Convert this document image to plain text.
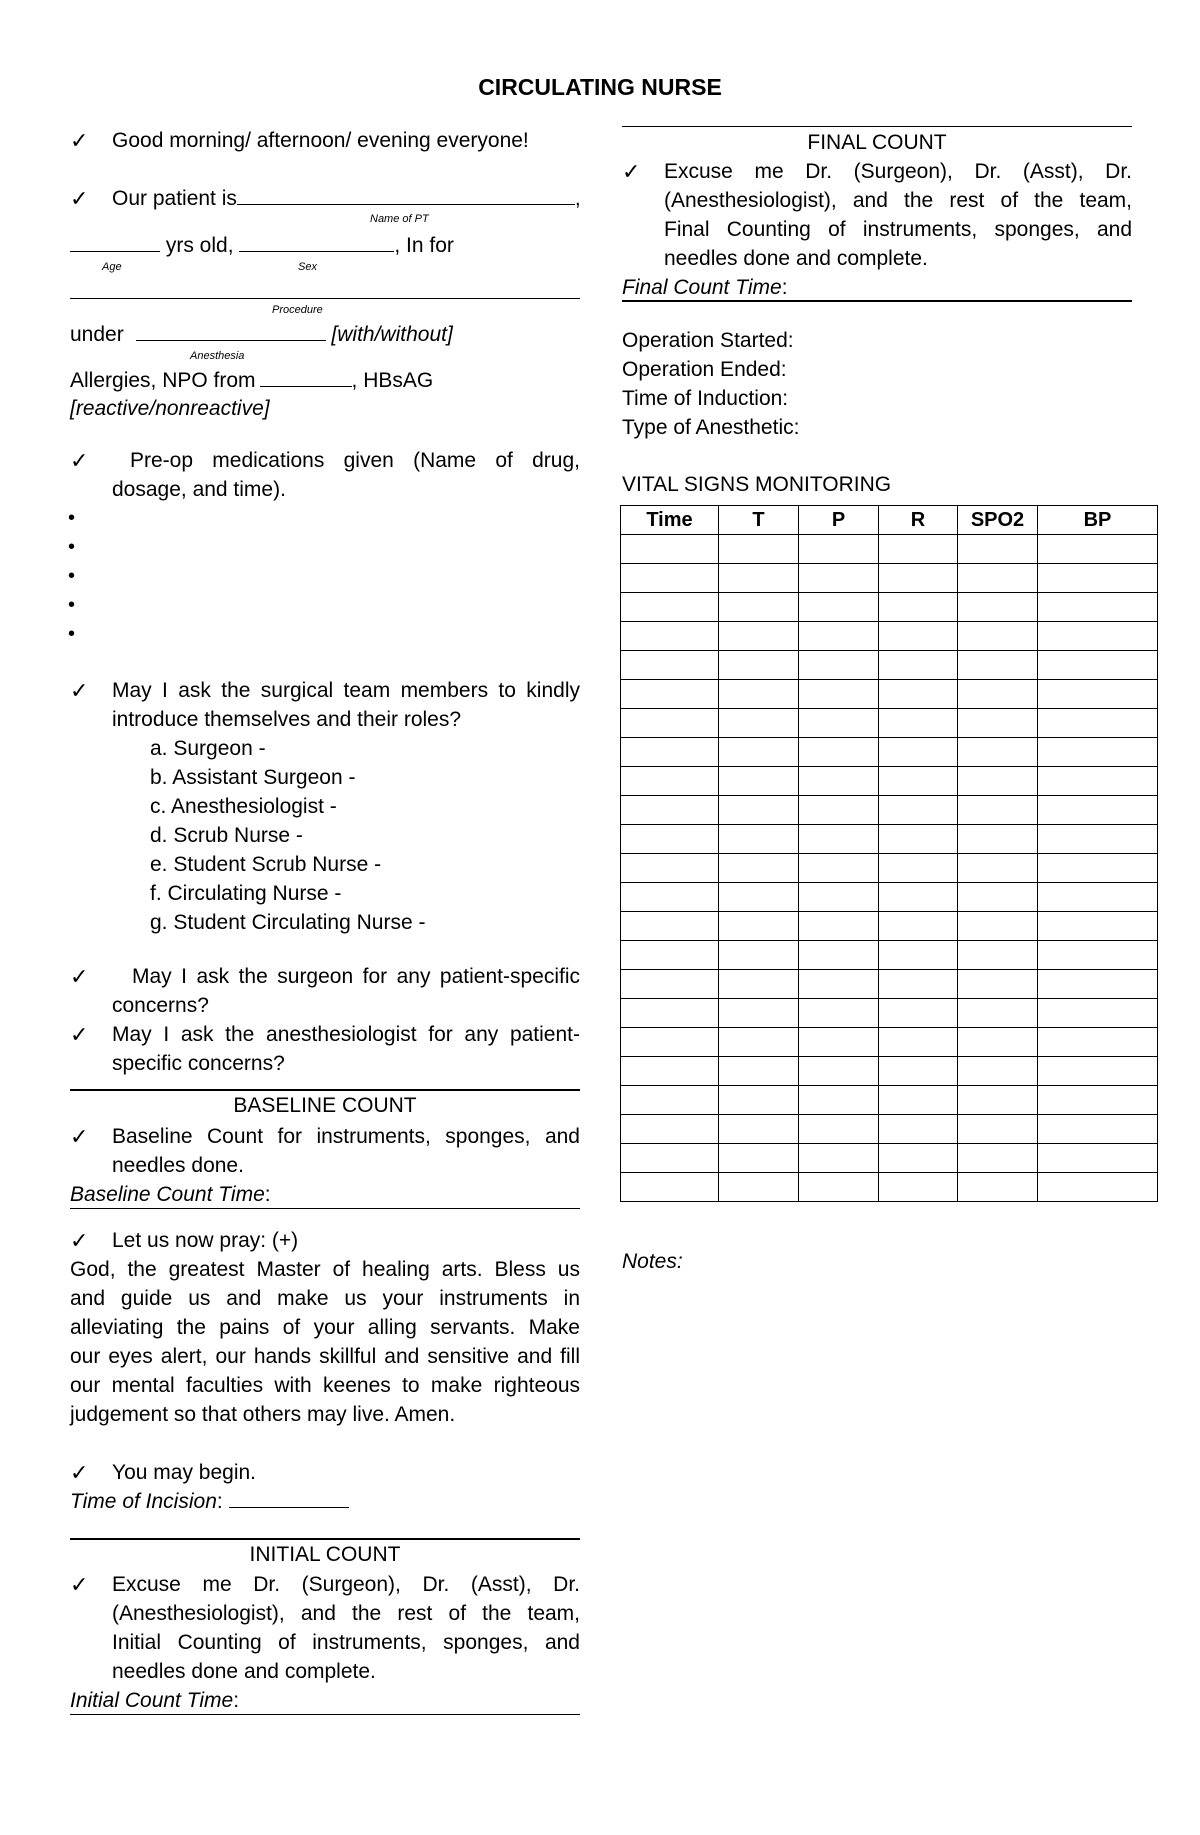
CIRCULATING NURSE
✓ Good morning/ afternoon/ evening everyone!
✓ Our patient is	,
Name of PT
yrs old,	, In for
Age	Sex
Procedure
under	[with/without]
Anesthesia
Allergies, NPO from	, HBsAG
[reactive/nonreactive]
✓	Pre-op medications given (Name of drug,
dosage, and time).
•
•
•
•
•
✓ May I ask the surgical team members to kindly
introduce themselves and their roles?
a. Surgeon -
b. Assistant Surgeon -
c. Anesthesiologist -
d. Scrub Nurse -
e. Student Scrub Nurse -
f. Circulating Nurse -
g. Student Circulating Nurse -
✓ May I ask the surgeon for any patient-specific
concerns?
✓ May I ask the anesthesiologist for any patient-
specific concerns?
BASELINE COUNT
✓ Baseline Count for instruments, sponges, and
needles done.
Baseline Count Time:
✓ Let us now pray: (+)
God, the greatest Master of healing arts. Bless us
and guide us and make us your instruments in
alleviating the pains of your alling servants. Make
our eyes alert, our hands skillful and sensitive and fill
our mental faculties with keenes to make righteous
judgement so that others may live. Amen.
✓ You may begin.
Time of Incision:
INITIAL COUNT
✓ Excuse me Dr. (Surgeon), Dr. (Asst), Dr.
(Anesthesiologist), and the rest of the team,
Initial Counting of instruments, sponges, and
needles done and complete.
Initial Count Time:
FINAL COUNT
✓ Excuse me Dr. (Surgeon), Dr. (Asst), Dr.
(Anesthesiologist), and the rest of the team,
Final Counting of instruments, sponges, and
needles done and complete.
Final Count Time:
Operation Started:
Operation Ended:
Time of Induction:
Type of Anesthetic:
VITAL SIGNS MONITORING
Time	T	P	R	SPO2	BP

Notes:
